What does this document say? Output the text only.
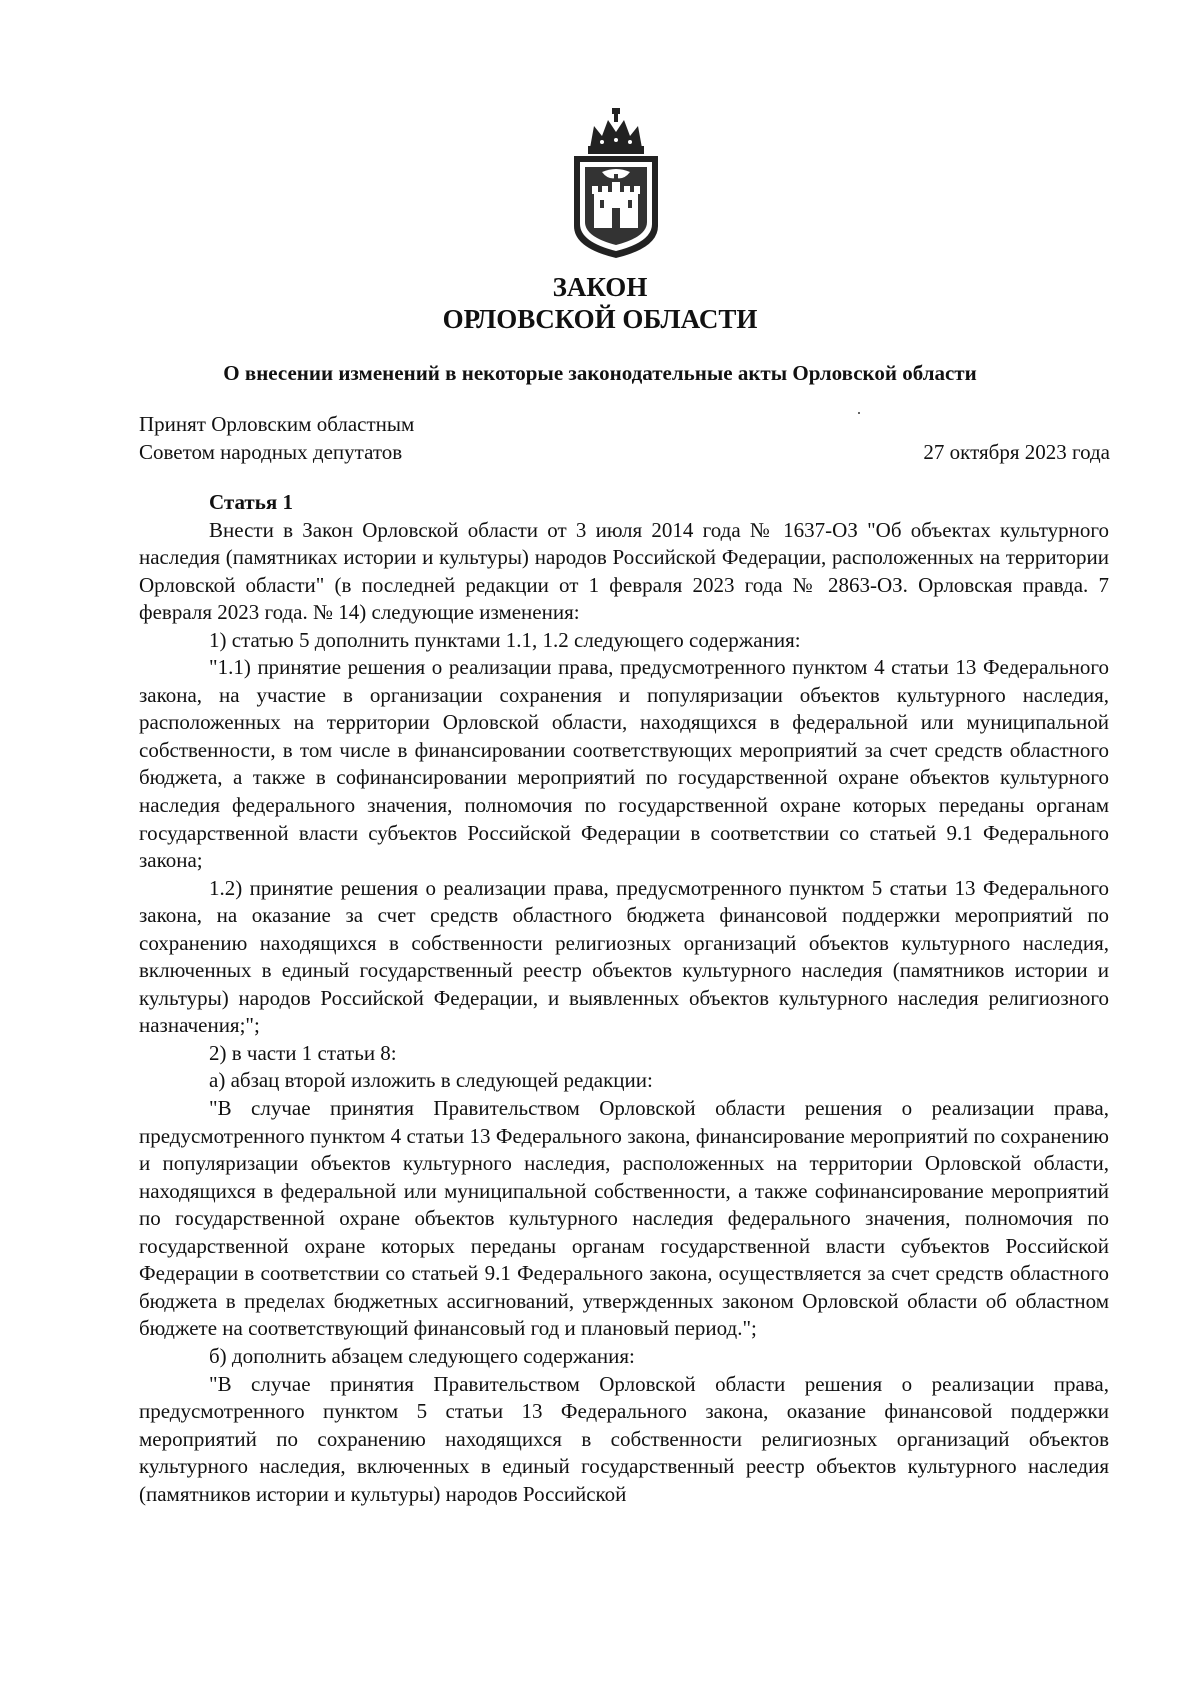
ЗАКОН
ОРЛОВСКОЙ ОБЛАСТИ
О внесении изменений в некоторые законодательные акты Орловской области
Принят Орловским областным
Советом народных депутатов	27 октября 2023 года

Статья 1

Внести в Закон Орловской области от 3 июля 2014 года № 1637-ОЗ "Об объектах культурного наследия (памятниках истории и культуры) народов Российской Федерации, расположенных на территории Орловской области" (в последней редакции от 1 февраля 2023 года № 2863-ОЗ. Орловская правда. 7 февраля 2023 года. № 14) следующие изменения:

1) статью 5 дополнить пунктами 1.1, 1.2 следующего содержания:

"1.1) принятие решения о реализации права, предусмотренного пунктом 4 статьи 13 Федерального закона, на участие в организации сохранения и популяризации объектов культурного наследия, расположенных на территории Орловской области, находящихся в федеральной или муниципальной собственности, в том числе в финансировании соответствующих мероприятий за счет средств областного бюджета, а также в софинансировании мероприятий по государственной охране объектов культурного наследия федерального значения, полномочия по государственной охране которых переданы органам государственной власти субъектов Российской Федерации в соответствии со статьей 9.1 Федерального закона;

1.2) принятие решения о реализации права, предусмотренного пунктом 5 статьи 13 Федерального закона, на оказание за счет средств областного бюджета финансовой поддержки мероприятий по сохранению находящихся в собственности религиозных организаций объектов культурного наследия, включенных в единый государственный реестр объектов культурного наследия (памятников истории и культуры) народов Российской Федерации, и выявленных объектов культурного наследия религиозного назначения;";

2) в части 1 статьи 8:

а) абзац второй изложить в следующей редакции:

"В случае принятия Правительством Орловской области решения о реализации права, предусмотренного пунктом 4 статьи 13 Федерального закона, финансирование мероприятий по сохранению и популяризации объектов культурного наследия, расположенных на территории Орловской области, находящихся в федеральной или муниципальной собственности, а также софинансирование мероприятий по государственной охране объектов культурного наследия федерального значения, полномочия по государственной охране которых переданы органам государственной власти субъектов Российской Федерации в соответствии со статьей 9.1 Федерального закона, осуществляется за счет средств областного бюджета в пределах бюджетных ассигнований, утвержденных законом Орловской области об областном бюджете на соответствующий финансовый год и плановый период.";

б) дополнить абзацем следующего содержания:

"В случае принятия Правительством Орловской области решения о реализации права, предусмотренного пунктом 5 статьи 13 Федерального закона, оказание финансовой поддержки мероприятий по сохранению находящихся в собственности религиозных организаций объектов культурного наследия, включенных в единый государственный реестр объектов культурного наследия (памятников истории и культуры) народов Российской
